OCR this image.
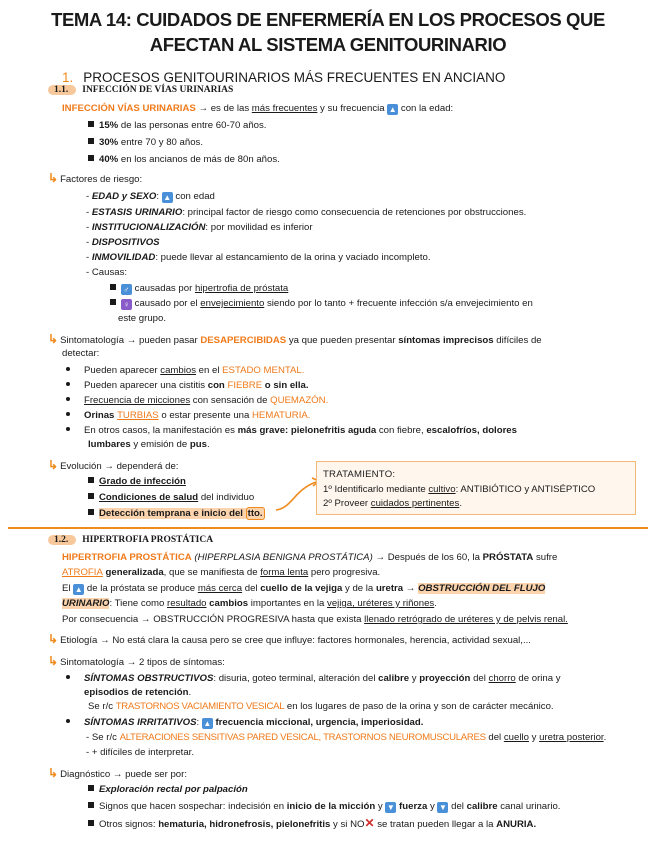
TEMA 14: CUIDADOS DE ENFERMERÍA EN LOS PROCESOS QUE
AFECTAN AL SISTEMA GENITOURINARIO
1. PROCESOS GENITOURINARIOS MÁS FRECUENTES EN ANCIANO
1.1. INFECCIÓN DE VÍAS URINARIAS
INFECCIÓN VÍAS URINARIAS → es de las más frecuentes y su frecuencia ▲ con la edad:
15% de las personas entre 60-70 años.
30% entre 70 y 80 años.
40% en los ancianos de más de 80n años.
↳ Factores de riesgo:
- EDAD y SEXO: ▲ con edad
- ESTASIS URINARIO: principal factor de riesgo como consecuencia de retenciones por obstrucciones.
- INSTITUCIONALIZACIÓN: por movilidad es inferior
- DISPOSITIVOS
- INMOVILIDAD: puede llevar al estancamiento de la orina y vaciado incompleto.
- Causas:
♂ causadas por hipertrofia de próstata
♀ causado por el envejecimiento siendo por lo tanto + frecuente infección s/a envejecimiento en
este grupo.
↳ Sintomatología → pueden pasar DESAPERCIBIDAS ya que pueden presentar síntomas imprecisos difíciles de
detectar:
Pueden aparecer cambios en el ESTADO MENTAL.
Pueden aparecer una cistitis con FIEBRE o sin ella.
Frecuencia de micciones con sensación de QUEMAZÓN.
Orinas TURBIAS o estar presente una HEMATURIA.
En otros casos, la manifestación es más grave: pielonefritis aguda con fiebre, escalofríos, dolores
lumbares y emisión de pus.
↳ Evolución → dependerá de:
Grado de infección
Condiciones de salud del individuo
Detección temprana e inicio del tto.
TRATAMIENTO:
1º Identificarlo mediante cultivo: ANTIBIÓTICO y ANTISÉPTICO
2º Proveer cuidados pertinentes.
1.2. HIPERTROFIA PROSTÁTICA
HIPERTROFIA PROSTÁTICA (HIPERPLASIA BENIGNA PROSTÁTICA) → Después de los 60, la PRÓSTATA sufre
ATROFIA generalizada, que se manifiesta de forma lenta pero progresiva.
El ▲ de la próstata se produce más cerca del cuello de la vejiga y de la uretra → OBSTRUCCIÓN DEL FLUJO
URINARIO: Tiene como resultado cambios importantes en la vejiga, uréteres y riñones.
Por consecuencia → OBSTRUCCIÓN PROGRESIVA hasta que exista llenado retrógrado de uréteres y de pelvis renal.
↳ Etiología → No está clara la causa pero se cree que influye: factores hormonales, herencia, actividad sexual,...
↳ Sintomatología → 2 tipos de síntomas:
SÍNTOMAS OBSTRUCTIVOS: disuria, goteo terminal, alteración del calibre y proyección del chorro de orina y
episodios de retención.
Se r/c TRASTORNOS VACIAMIENTO VESICAL en los lugares de paso de la orina y son de carácter mecánico.
SÍNTOMAS IRRITATIVOS: ▲ frecuencia miccional, urgencia, imperiosidad.
- Se r/c ALTERACIONES SENSITIVAS PARED VESICAL, TRASTORNOS NEUROMUSCULARES del cuello y uretra posterior.
- + difíciles de interpretar.
↳ Diagnóstico → puede ser por:
Exploración rectal por palpación
Signos que hacen sospechar: indecisión en inicio de la micción y ▼ fuerza y ▼ del calibre canal urinario.
Otros signos: hematuria, hidronefrosis, pielonefritis y si NO✕ se tratan pueden llegar a la ANURIA.
